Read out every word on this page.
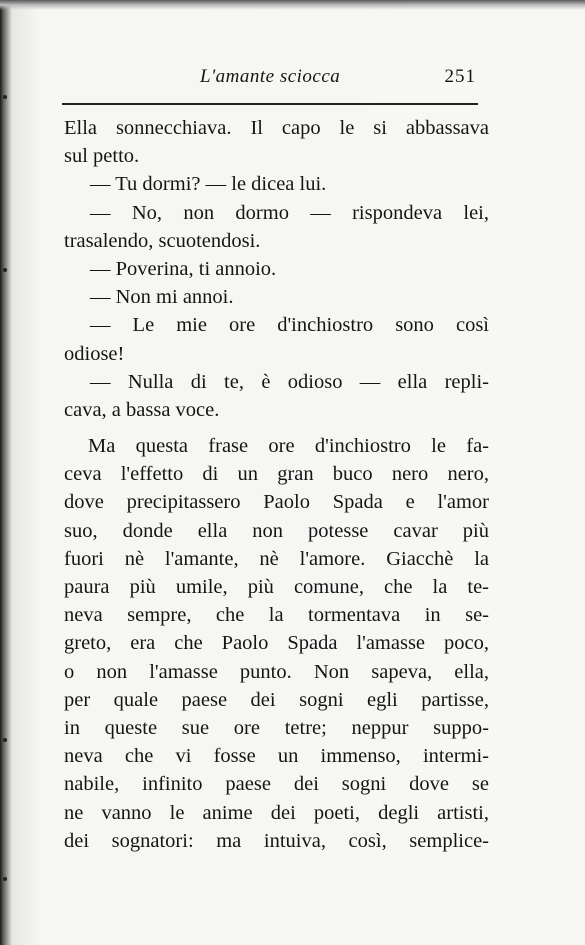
L'amante sciocca	251
Ella sonnecchiava. Il capo le si abbassava
sul petto.
— Tu dormi? — le dicea lui.
— No, non dormo — rispondeva lei,
trasalendo, scuotendosi.
— Poverina, ti annoio.
— Non mi annoi.
— Le mie ore d'inchiostro sono così
odiose!
— Nulla di te, è odioso — ella repli-
cava, a bassa voce.
Ma questa frase ore d'inchiostro le fa-
ceva l'effetto di un gran buco nero nero,
dove precipitassero Paolo Spada e l'amor
suo, donde ella non potesse cavar più
fuori nè l'amante, nè l'amore. Giacchè la
paura più umile, più comune, che la te-
neva sempre, che la tormentava in se-
greto, era che Paolo Spada l'amasse poco,
o non l'amasse punto. Non sapeva, ella,
per quale paese dei sogni egli partisse,
in queste sue ore tetre; neppur suppo-
neva che vi fosse un immenso, intermi-
nabile, infinito paese dei sogni dove se
ne vanno le anime dei poeti, degli artisti,
dei sognatori: ma intuiva, così, semplice-
